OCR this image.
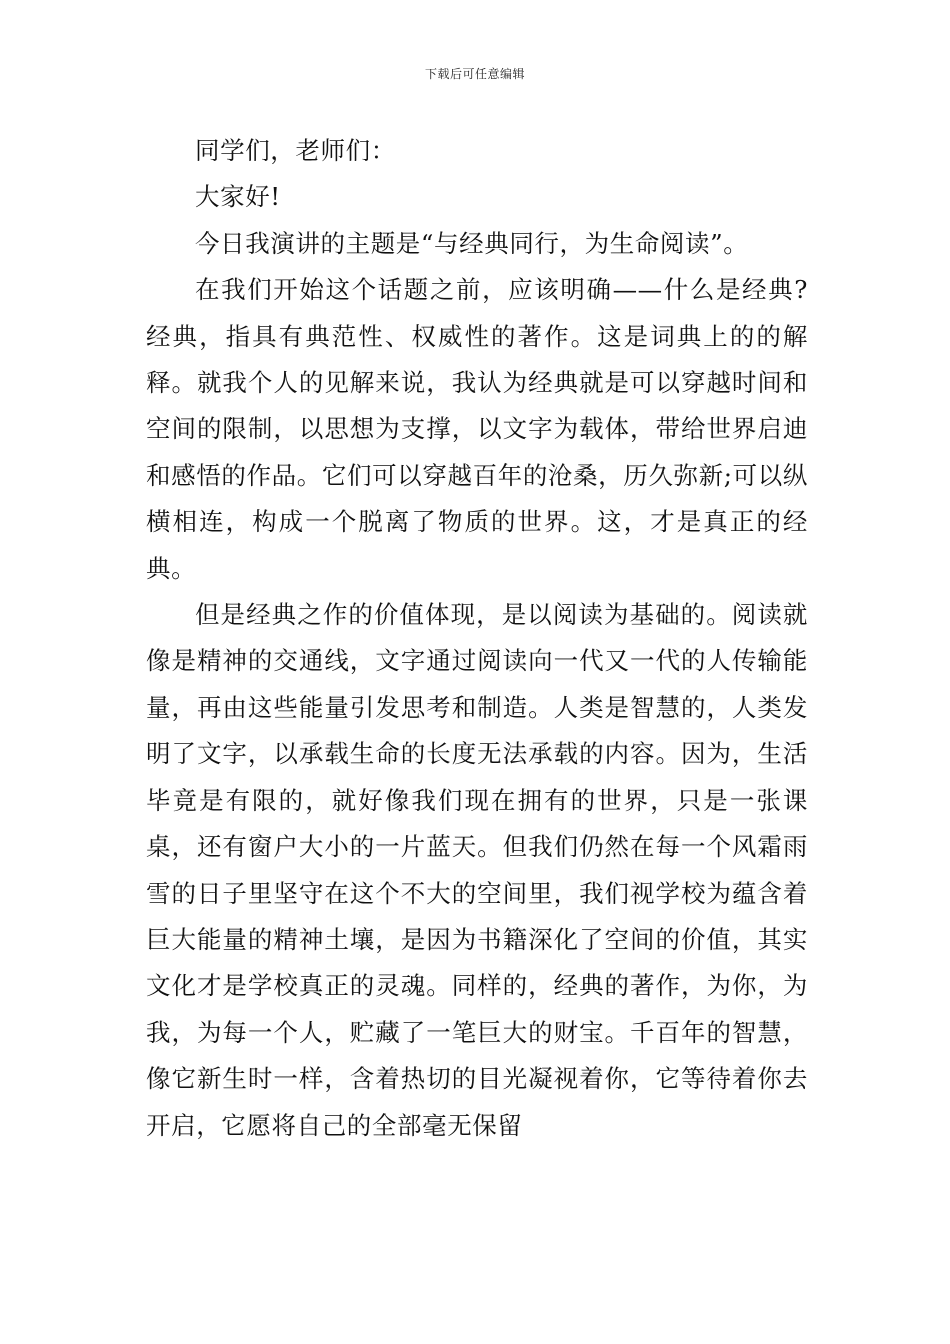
下载后可任意编辑

同学们，老师们：

大家好!

今日我演讲的主题是“与经典同行，为生命阅读”。

在我们开始这个话题之前，应该明确——什么是经典?经典，指具有典范性、权威性的著作。这是词典上的的解释。就我个人的见解来说，我认为经典就是可以穿越时间和空间的限制，以思想为支撑，以文字为载体，带给世界启迪和感悟的作品。它们可以穿越百年的沧桑，历久弥新;可以纵横相连，构成一个脱离了物质的世界。这，才是真正的经典。

但是经典之作的价值体现，是以阅读为基础的。阅读就像是精神的交通线，文字通过阅读向一代又一代的人传输能量，再由这些能量引发思考和制造。人类是智慧的，人类发明了文字，以承载生命的长度无法承载的内容。因为，生活毕竟是有限的，就好像我们现在拥有的世界，只是一张课桌，还有窗户大小的一片蓝天。但我们仍然在每一个风霜雨雪的日子里坚守在这个不大的空间里，我们视学校为蕴含着巨大能量的精神土壤，是因为书籍深化了空间的价值，其实文化才是学校真正的灵魂。同样的，经典的著作，为你，为我，为每一个人，贮藏了一笔巨大的财宝。千百年的智慧，像它新生时一样，含着热切的目光凝视着你，它等待着你去开启，它愿将自己的全部毫无保留
